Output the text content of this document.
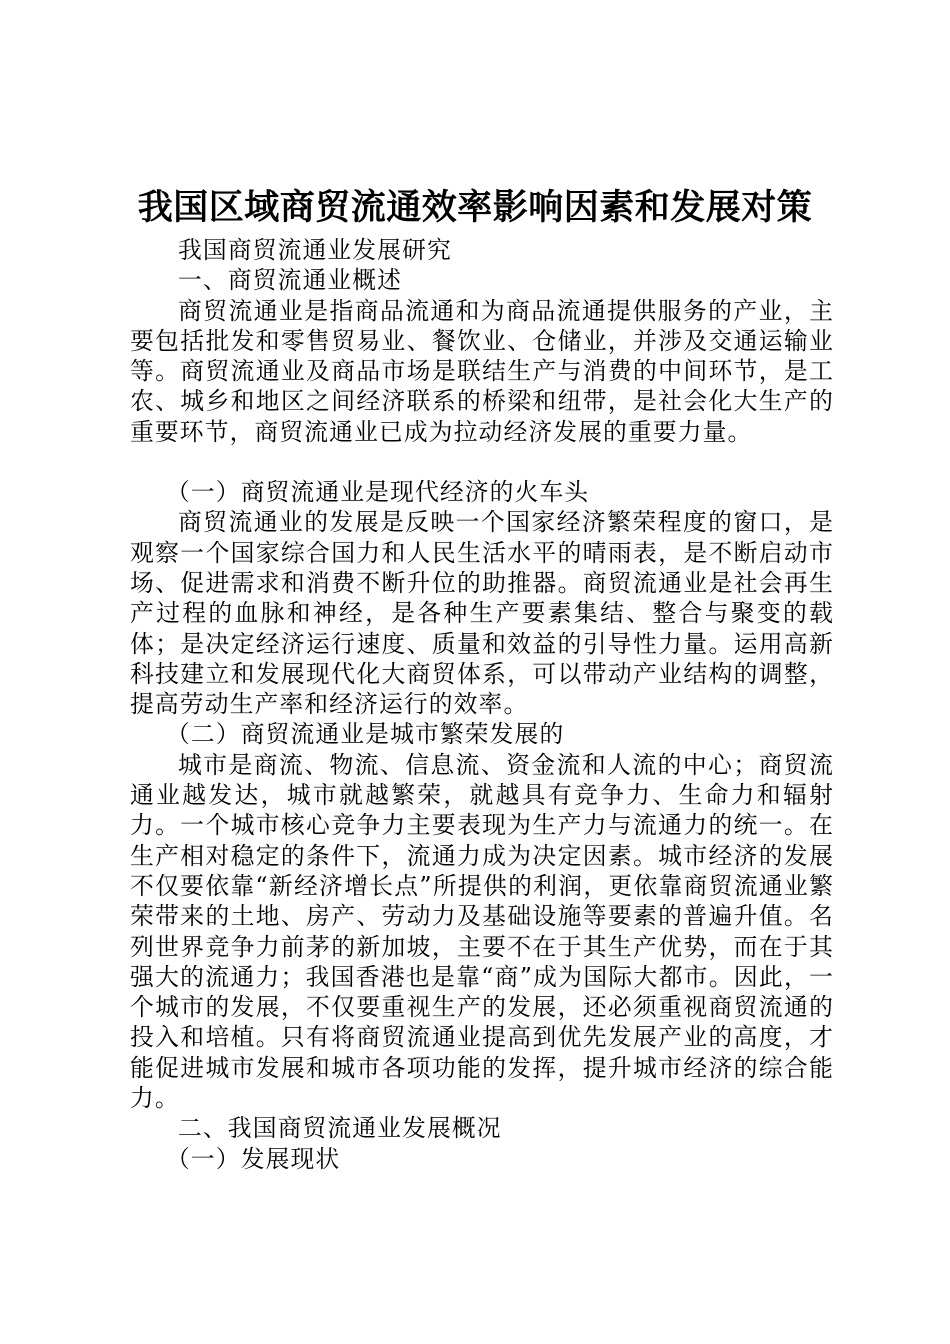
我国区域商贸流通效率影响因素和发展对策

我国商贸流通业发展研究

一、商贸流通业概述

商贸流通业是指商品流通和为商品流通提供服务的产业，主要包括批发和零售贸易业、餐饮业、仓储业，并涉及交通运输业等。商贸流通业及商品市场是联结生产与消费的中间环节，是工农、城乡和地区之间经济联系的桥梁和纽带，是社会化大生产的重要环节，商贸流通业已成为拉动经济发展的重要力量。

（一）商贸流通业是现代经济的火车头

商贸流通业的发展是反映一个国家经济繁荣程度的窗口，是观察一个国家综合国力和人民生活水平的晴雨表，是不断启动市场、促进需求和消费不断升位的助推器。商贸流通业是社会再生产过程的血脉和神经，是各种生产要素集结、整合与聚变的载体；是决定经济运行速度、质量和效益的引导性力量。运用高新科技建立和发展现代化大商贸体系，可以带动产业结构的调整，提高劳动生产率和经济运行的效率。

（二）商贸流通业是城市繁荣发展的

城市是商流、物流、信息流、资金流和人流的中心；商贸流通业越发达，城市就越繁荣，就越具有竞争力、生命力和辐射力。一个城市核心竞争力主要表现为生产力与流通力的统一。在生产相对稳定的条件下，流通力成为决定因素。城市经济的发展不仅要依靠“新经济增长点”所提供的利润，更依靠商贸流通业繁荣带来的土地、房产、劳动力及基础设施等要素的普遍升值。名列世界竞争力前茅的新加坡，主要不在于其生产优势，而在于其强大的流通力；我国香港也是靠“商”成为国际大都市。因此，一个城市的发展，不仅要重视生产的发展，还必须重视商贸流通的投入和培植。只有将商贸流通业提高到优先发展产业的高度，才能促进城市发展和城市各项功能的发挥，提升城市经济的综合能力。

二、我国商贸流通业发展概况

（一）发展现状
